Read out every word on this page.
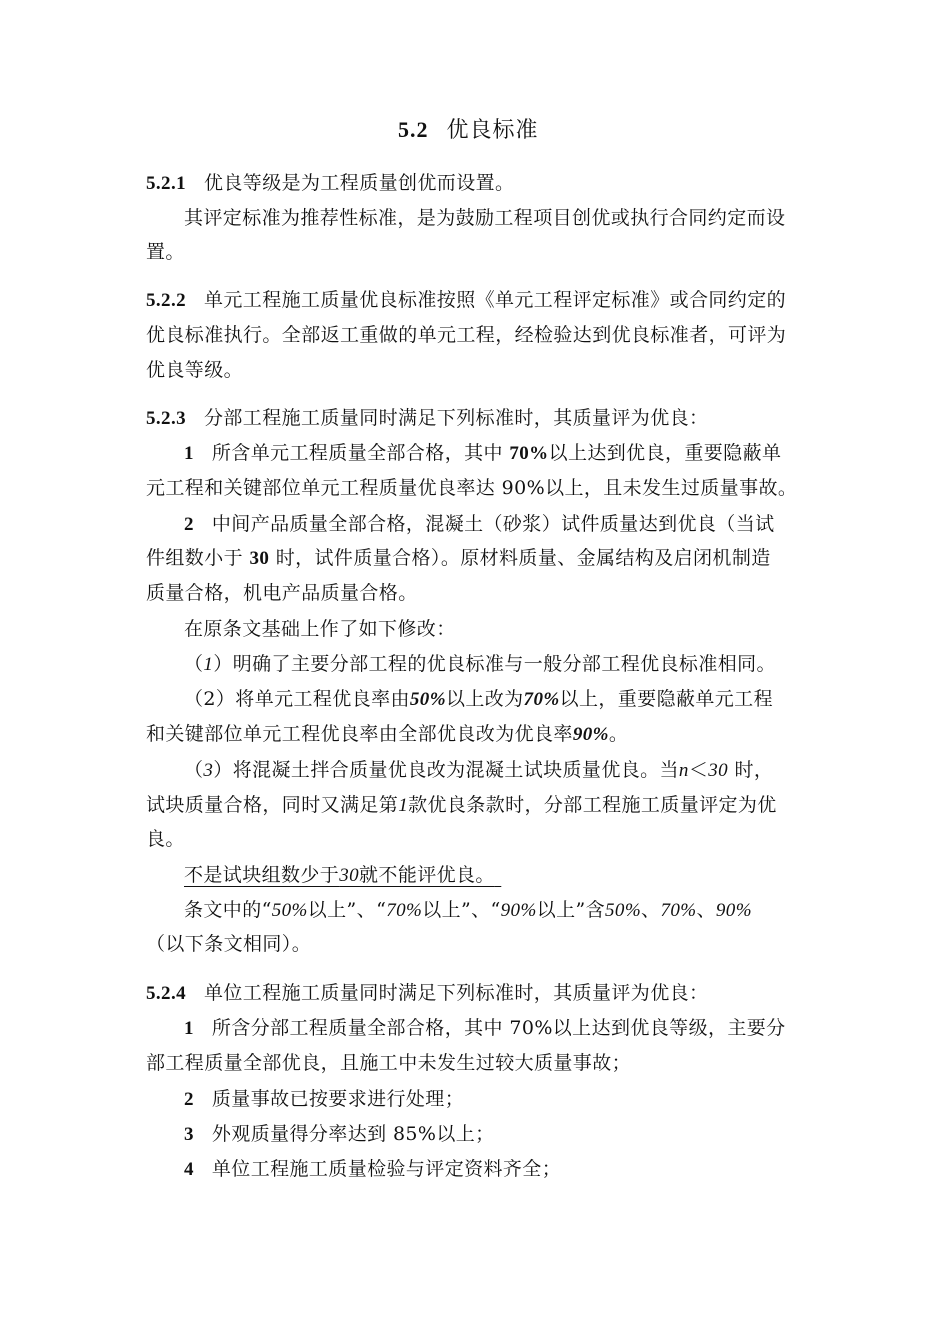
5.2 优良标准
5.2.1 优良等级是为工程质量创优而设置。
其评定标准为推荐性标准，是为鼓励工程项目创优或执行合同约定而设
置。
5.2.2 单元工程施工质量优良标准按照《单元工程评定标准》或合同约定的
优良标准执行。全部返工重做的单元工程，经检验达到优良标准者，可评为
优良等级。
5.2.3 分部工程施工质量同时满足下列标准时，其质量评为优良：
1 所含单元工程质量全部合格，其中 70%以上达到优良，重要隐蔽单
元工程和关键部位单元工程质量优良率达 90%以上，且未发生过质量事故。
2 中间产品质量全部合格，混凝土（砂浆）试件质量达到优良（当试
件组数小于 30 时，试件质量合格）。原材料质量、金属结构及启闭机制造
质量合格，机电产品质量合格。
在原条文基础上作了如下修改：
（1）明确了主要分部工程的优良标准与一般分部工程优良标准相同。
（2）将单元工程优良率由50%以上改为70%以上，重要隐蔽单元工程
和关键部位单元工程优良率由全部优良改为优良率90%。
（3）将混凝土拌合质量优良改为混凝土试块质量优良。当n＜30 时，
试块质量合格，同时又满足第1款优良条款时，分部工程施工质量评定为优
良。
不是试块组数少于30就不能评优良。
条文中的“50%以上”、“70%以上”、“90%以上”含50%、70%、90%
（以下条文相同）。
5.2.4 单位工程施工质量同时满足下列标准时，其质量评为优良：
1 所含分部工程质量全部合格，其中 70%以上达到优良等级，主要分
部工程质量全部优良，且施工中未发生过较大质量事故；
2 质量事故已按要求进行处理；
3 外观质量得分率达到 85%以上；
4 单位工程施工质量检验与评定资料齐全；
